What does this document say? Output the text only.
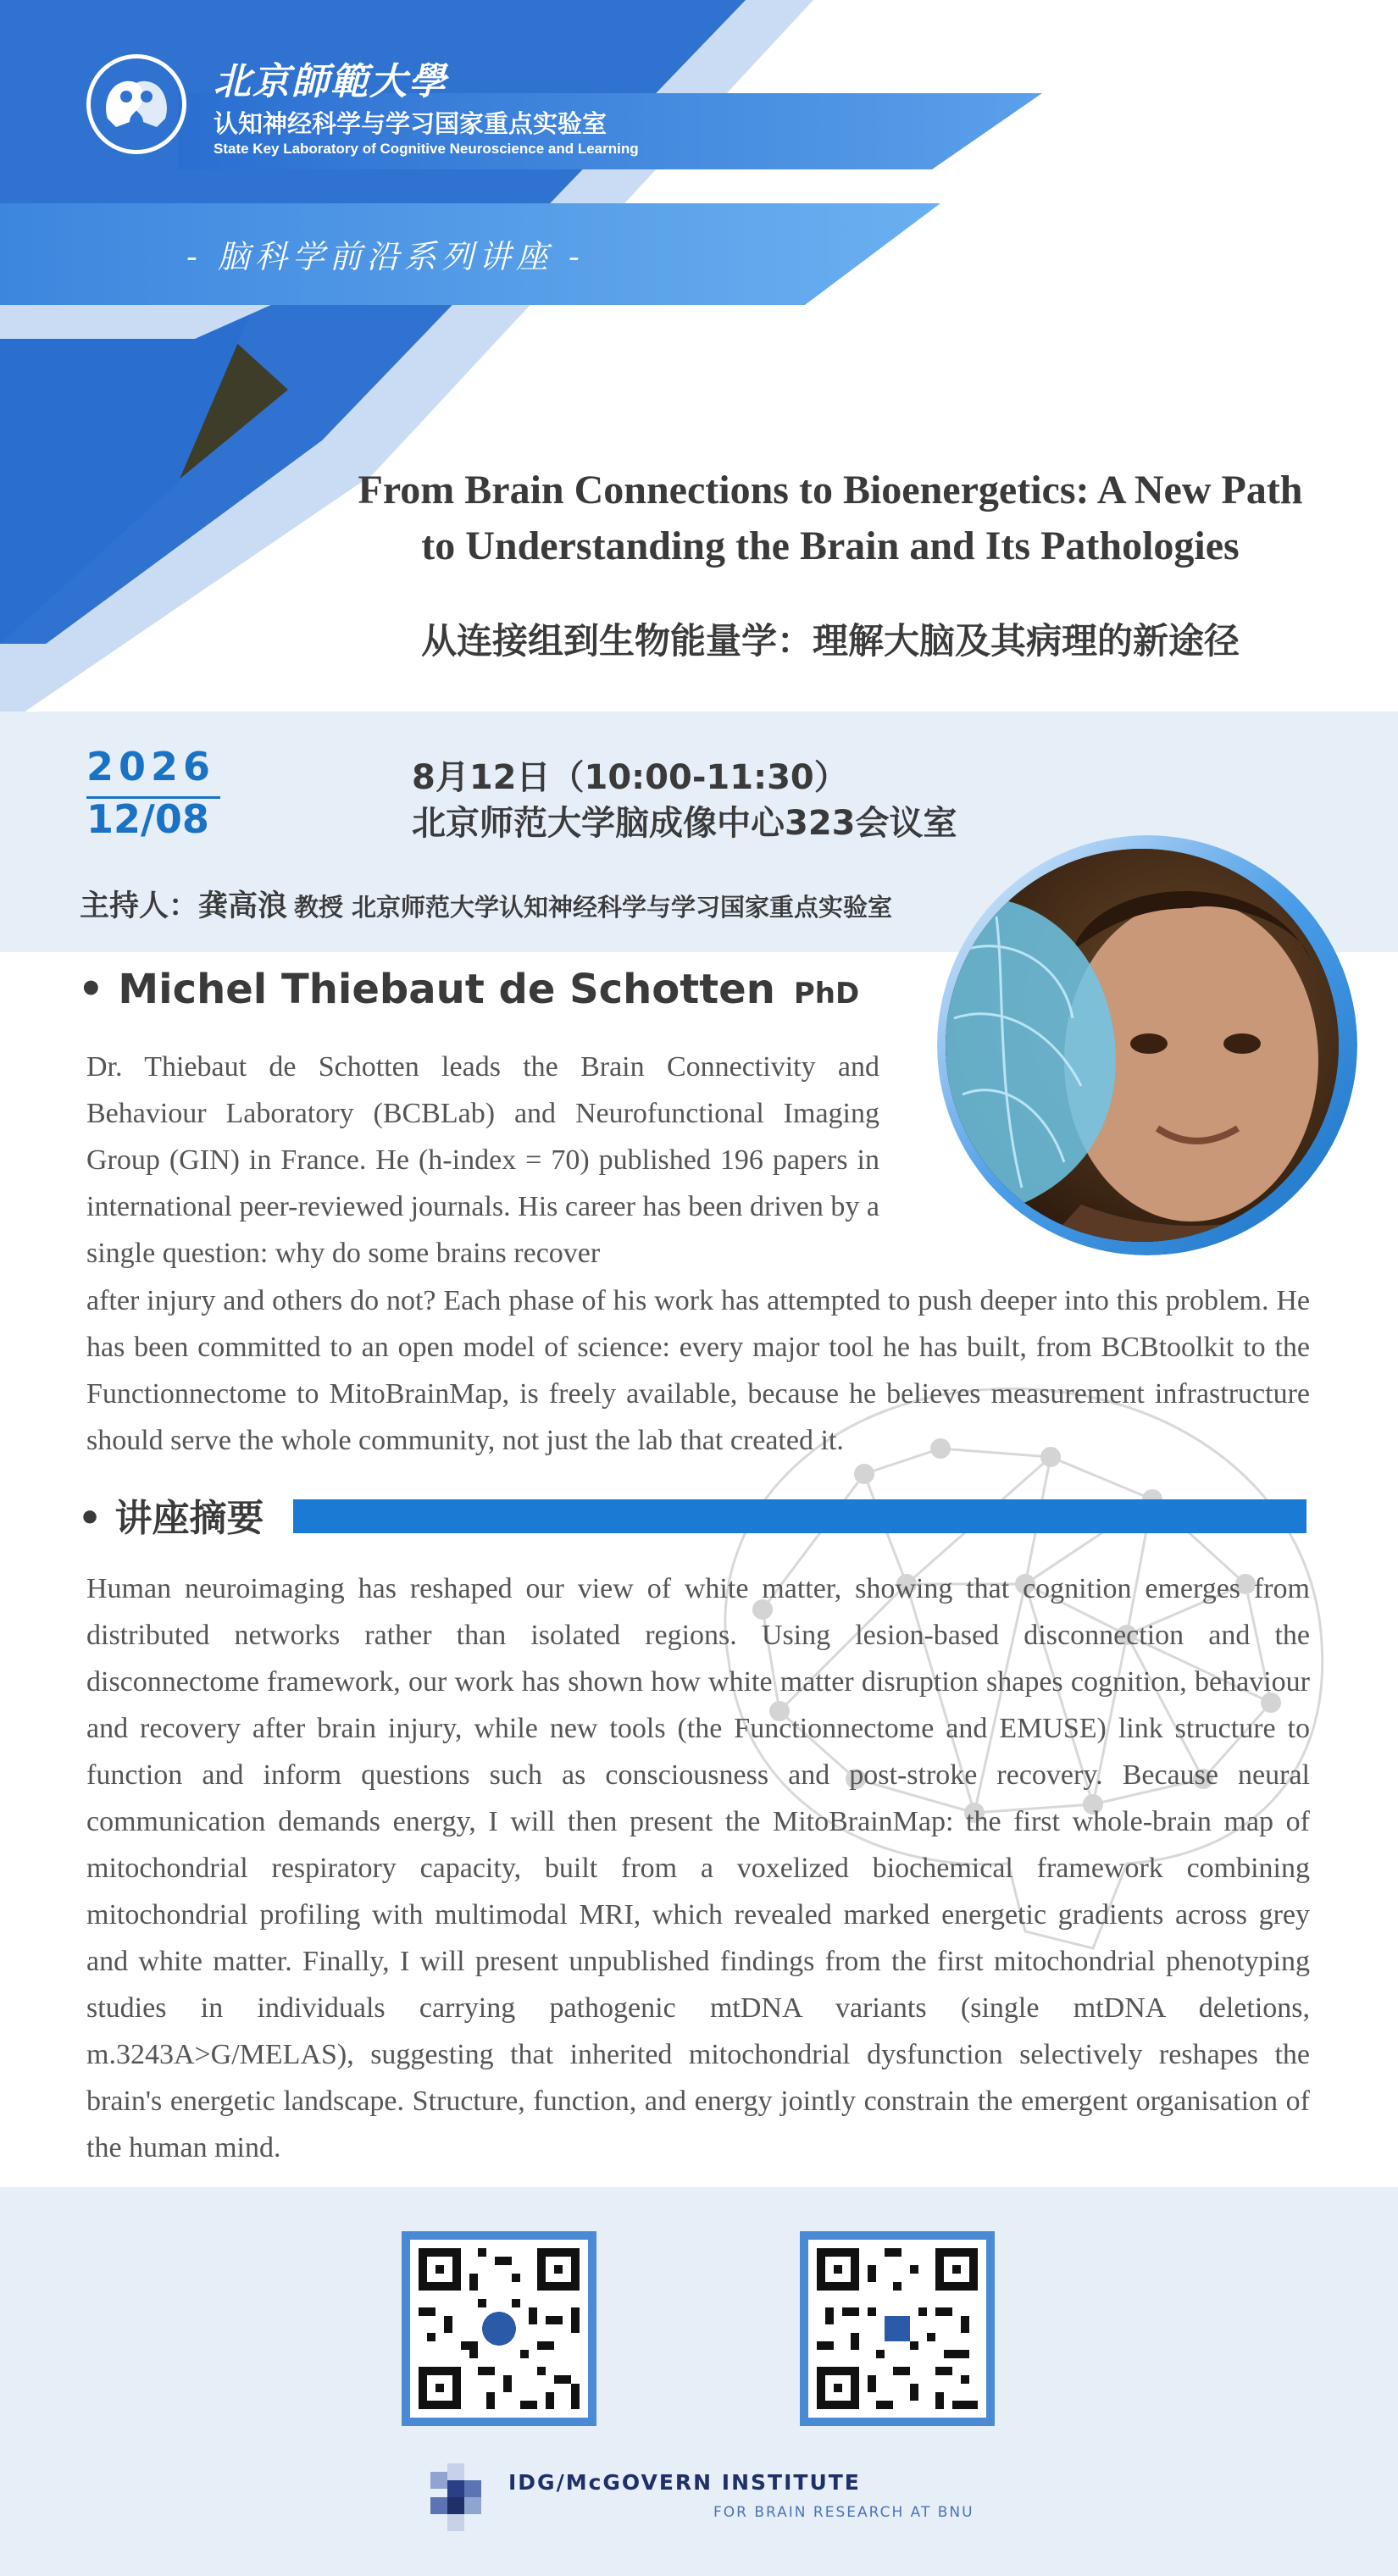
北京師範大學
认知神经科学与学习国家重点实验室
State Key Laboratory of Cognitive Neuroscience and Learning
- 脑科学前沿系列讲座 -
From Brain Connections to Bioenergetics: A New Path
to Understanding the Brain and Its Pathologies
从连接组到生物能量学：理解大脑及其病理的新途径
2026
12/08
8月12日（10:00-11:30）
北京师范大学脑成像中心323会议室
主持人：龚高浪 教授 北京师范大学认知神经科学与学习国家重点实验室
• Michel Thiebaut de Schotten PhD
Dr. Thiebaut de Schotten leads the Brain Connectivity and Behaviour Laboratory (BCBLab) and Neurofunctional Imaging Group (GIN) in France. He (h-index = 70) published 196 papers in international peer-reviewed journals. His career has been driven by a single question: why do some brains recover
after injury and others do not? Each phase of his work has attempted to push deeper into this problem. He has been committed to an open model of science: every major tool he has built, from BCBtoolkit to the Functionnectome to MitoBrainMap, is freely available, because he believes measurement infrastructure should serve the whole community, not just the lab that created it.
• 讲座摘要
Human neuroimaging has reshaped our view of white matter, showing that cognition emerges from distributed networks rather than isolated regions. Using lesion-based disconnection and the disconnectome framework, our work has shown how white matter disruption shapes cognition, behaviour and recovery after brain injury, while new tools (the Functionnectome and EMUSE) link structure to function and inform questions such as consciousness and post-stroke recovery. Because neural communication demands energy, I will then present the MitoBrainMap: the first whole-brain map of mitochondrial respiratory capacity, built from a voxelized biochemical framework combining mitochondrial profiling with multimodal MRI, which revealed marked energetic gradients across grey and white matter. Finally, I will present unpublished findings from the first mitochondrial phenotyping studies in individuals carrying pathogenic mtDNA variants (single mtDNA deletions, m.3243A>G/MELAS), suggesting that inherited mitochondrial dysfunction selectively reshapes the brain's energetic landscape. Structure, function, and energy jointly constrain the emergent organisation of the human mind.
IDG/McGOVERN INSTITUTE
FOR BRAIN RESEARCH AT BNU
